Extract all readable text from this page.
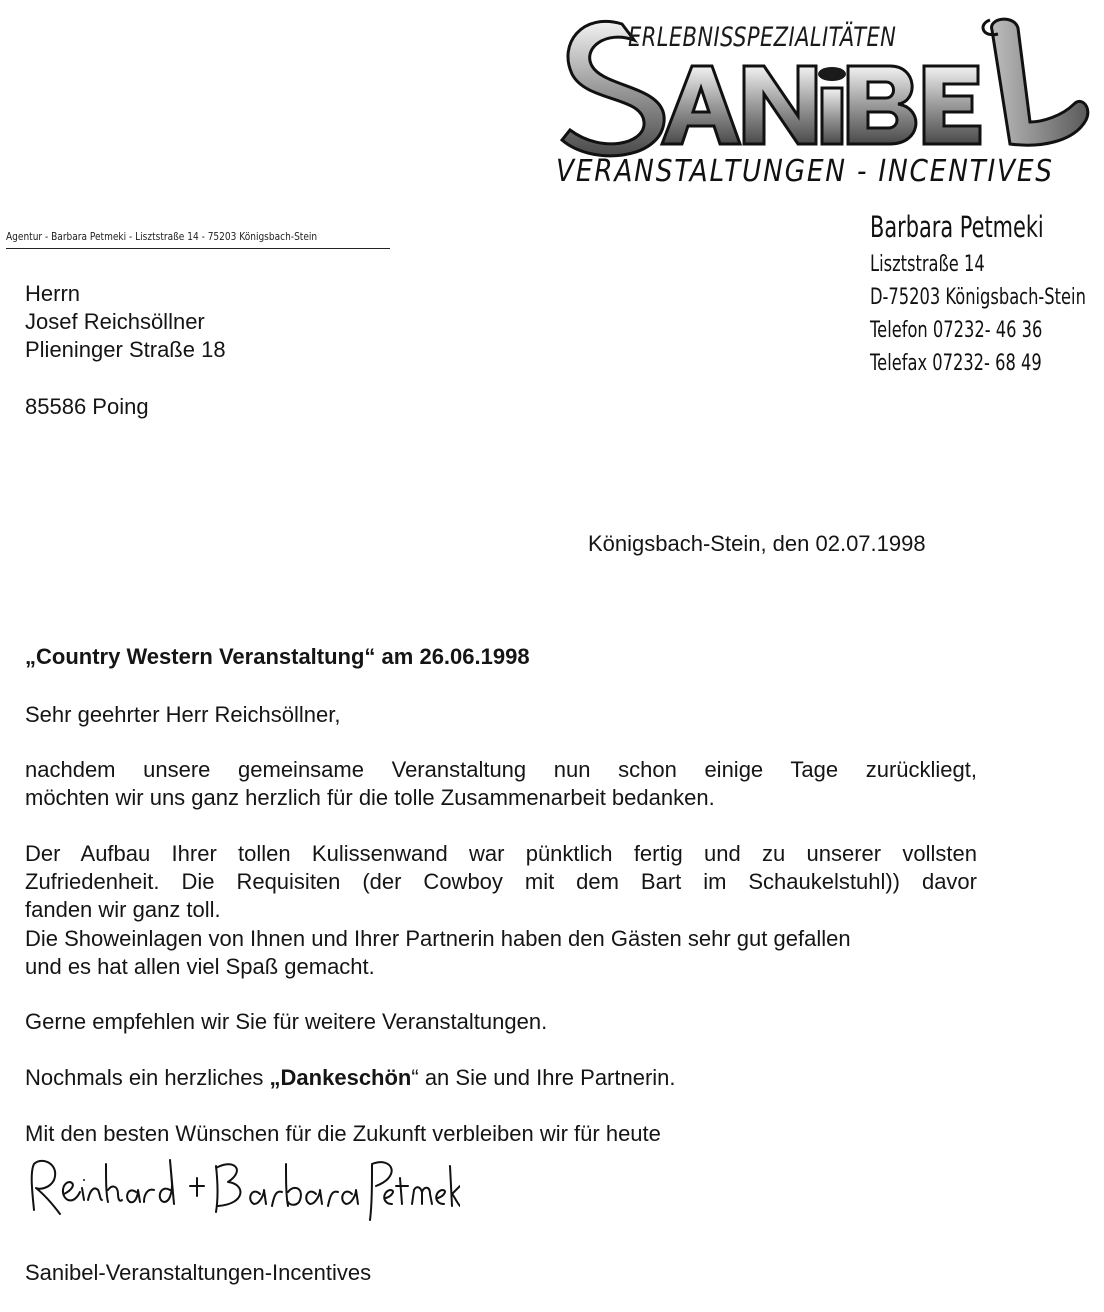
ERLEBNISSPEZIALITÄTEN
VERANSTALTUNGEN - INCENTIVES
Agentur - Barbara Petmeki - Lisztstraße 14 - 75203 Königsbach-Stein	Barbara Petmeki
Lisztstraße 14
D-75203 Königsbach-Stein
Telefon 07232- 46 36
Telefax 07232- 68 49
Herrn
Josef Reichsöllner
Plieninger Straße 18
85586 Poing
Königsbach-Stein, den 02.07.1998
„Country Western Veranstaltung“ am 26.06.1998
Sehr geehrter Herr Reichsöllner,
nachdem unsere gemeinsame Veranstaltung nun schon einige Tage zurückliegt,
möchten wir uns ganz herzlich für die tolle Zusammenarbeit bedanken.
Der Aufbau Ihrer tollen Kulissenwand war pünktlich fertig und zu unserer vollsten
Zufriedenheit. Die Requisiten (der Cowboy mit dem Bart im Schaukelstuhl)) davor
fanden wir ganz toll.
Die Showeinlagen von Ihnen und Ihrer Partnerin haben den Gästen sehr gut gefallen
und es hat allen viel Spaß gemacht.
Gerne empfehlen wir Sie für weitere Veranstaltungen.
Nochmals ein herzliches „Dankeschön“ an Sie und Ihre Partnerin.
Mit den besten Wünschen für die Zukunft verbleiben wir für heute
Sanibel-Veranstaltungen-Incentives
